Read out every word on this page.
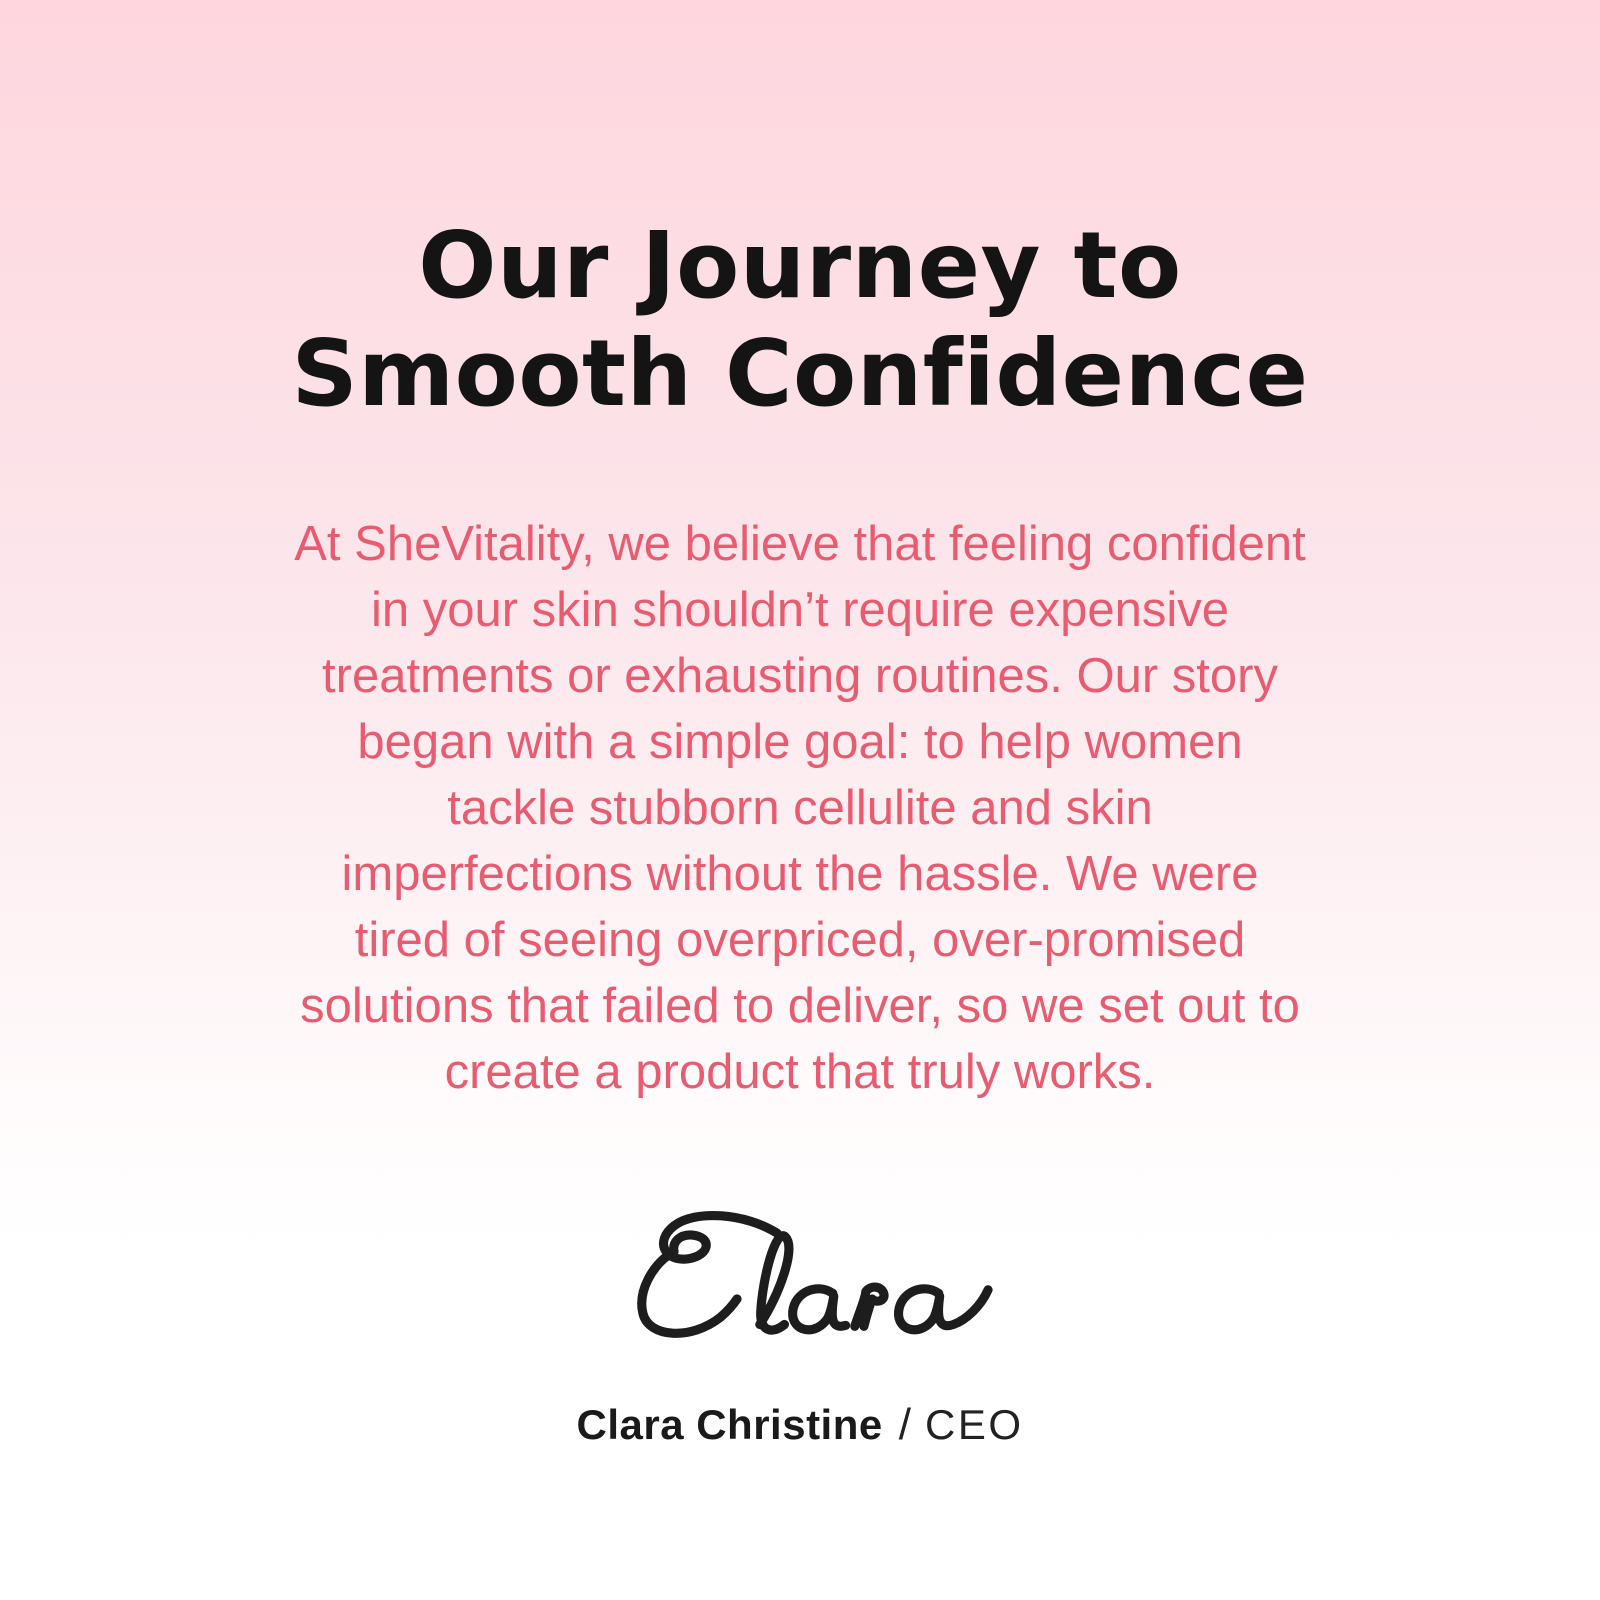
Our Journey to
Smooth Confidence
At SheVitality, we believe that feeling confident
in your skin shouldn’t require expensive
treatments or exhausting routines. Our story
began with a simple goal: to help women
tackle stubborn cellulite and skin
imperfections without the hassle. We were
tired of seeing overpriced, over-promised
solutions that failed to deliver, so we set out to
create a product that truly works.
Clara Christine / CEO
